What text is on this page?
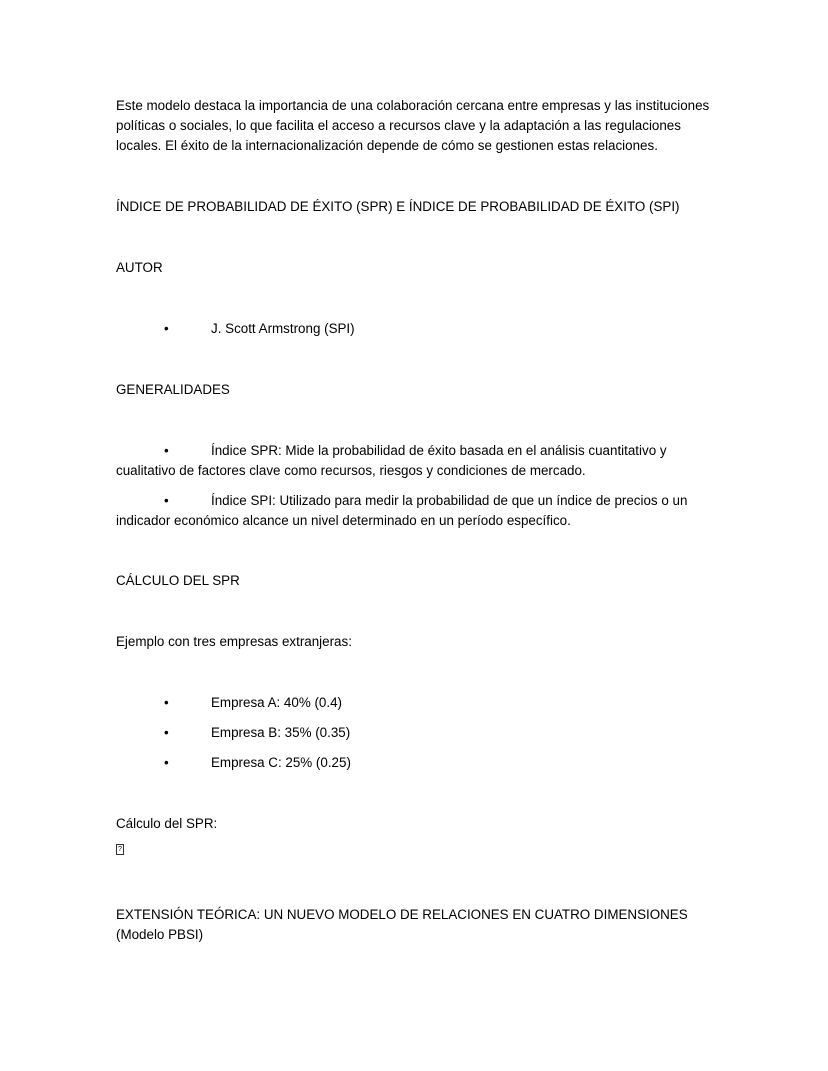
Este modelo destaca la importancia de una colaboración cercana entre empresas y las instituciones políticas o sociales, lo que facilita el acceso a recursos clave y la adaptación a las regulaciones locales. El éxito de la internacionalización depende de cómo se gestionen estas relaciones.

ÍNDICE DE PROBABILIDAD DE ÉXITO (SPR) E ÍNDICE DE PROBABILIDAD DE ÉXITO (SPI)

AUTOR

•	J. Scott Armstrong (SPI)

GENERALIDADES

•	Índice SPR: Mide la probabilidad de éxito basada en el análisis cuantitativo y cualitativo de factores clave como recursos, riesgos y condiciones de mercado.

•	Índice SPI: Utilizado para medir la probabilidad de que un índice de precios o un indicador económico alcance un nivel determinado en un período específico.

CÁLCULO DEL SPR

Ejemplo con tres empresas extranjeras:

•	Empresa A: 40% (0.4)
•	Empresa B: 35% (0.35)
•	Empresa C: 25% (0.25)

Cálculo del SPR:

?

EXTENSIÓN TEÓRICA: UN NUEVO MODELO DE RELACIONES EN CUATRO DIMENSIONES (Modelo PBSI)
